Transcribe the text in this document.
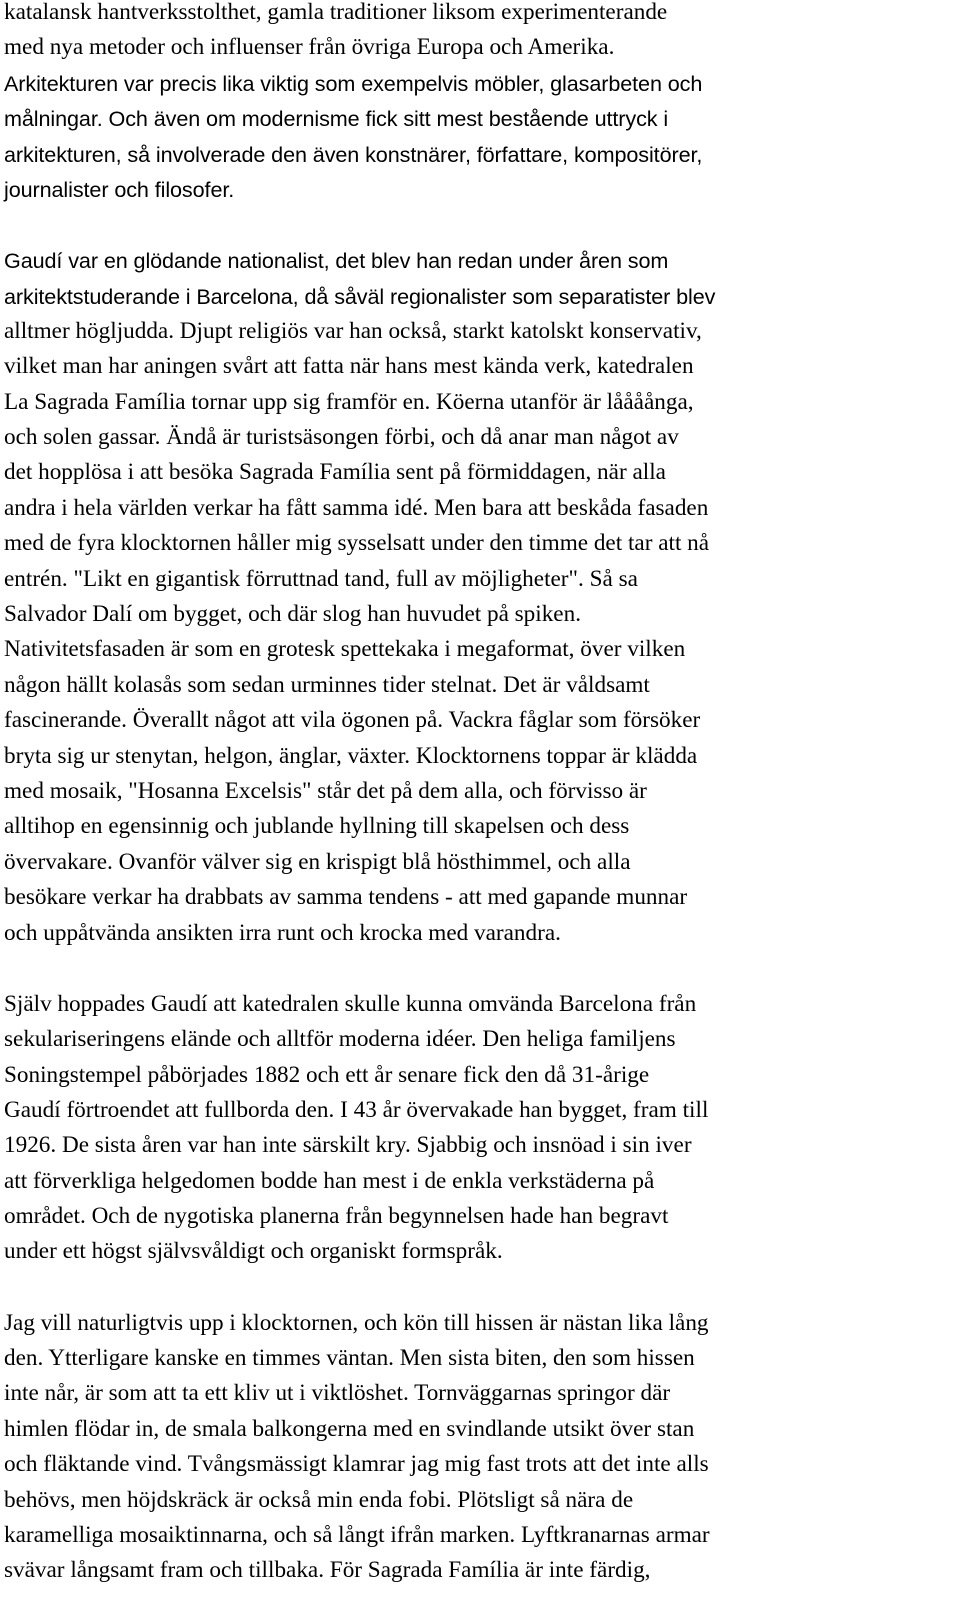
katalansk hantverksstolthet, gamla traditioner liksom experimenterande
med nya metoder och influenser från övriga Europa och Amerika.
Arkitekturen var precis lika viktig som exempelvis möbler, glasarbeten och
målningar. Och även om modernisme fick sitt mest bestående uttryck i
arkitekturen, så involverade den även konstnärer, författare, kompositörer,
journalister och filosofer.
Gaudí var en glödande nationalist, det blev han redan under åren som
arkitektstuderande i Barcelona, då såväl regionalister som separatister blev
alltmer högljudda. Djupt religiös var han också, starkt katolskt konservativ,
vilket man har aningen svårt att fatta när hans mest kända verk, katedralen
La Sagrada Família tornar upp sig framför en. Köerna utanför är låååånga,
och solen gassar. Ändå är turistsäsongen förbi, och då anar man något av
det hopplösa i att besöka Sagrada Família sent på förmiddagen, när alla
andra i hela världen verkar ha fått samma idé. Men bara att beskåda fasaden
med de fyra klocktornen håller mig sysselsatt under den timme det tar att nå
entrén. "Likt en gigantisk förruttnad tand, full av möjligheter". Så sa
Salvador Dalí om bygget, och där slog han huvudet på spiken.
Nativitetsfasaden är som en grotesk spettekaka i megaformat, över vilken
någon hällt kolasås som sedan urminnes tider stelnat. Det är våldsamt
fascinerande. Överallt något att vila ögonen på. Vackra fåglar som försöker
bryta sig ur stenytan, helgon, änglar, växter. Klocktornens toppar är klädda
med mosaik, "Hosanna Excelsis" står det på dem alla, och förvisso är
alltihop en egensinnig och jublande hyllning till skapelsen och dess
övervakare. Ovanför välver sig en krispigt blå hösthimmel, och alla
besökare verkar ha drabbats av samma tendens - att med gapande munnar
och uppåtvända ansikten irra runt och krocka med varandra.
Själv hoppades Gaudí att katedralen skulle kunna omvända Barcelona från
sekulariseringens elände och alltför moderna idéer. Den heliga familjens
Soningstempel påbörjades 1882 och ett år senare fick den då 31-årige
Gaudí förtroendet att fullborda den. I 43 år övervakade han bygget, fram till
1926. De sista åren var han inte särskilt kry. Sjabbig och insnöad i sin iver
att förverkliga helgedomen bodde han mest i de enkla verkstäderna på
området. Och de nygotiska planerna från begynnelsen hade han begravt
under ett högst självsvåldigt och organiskt formspråk.
Jag vill naturligtvis upp i klocktornen, och kön till hissen är nästan lika lång
den. Ytterligare kanske en timmes väntan. Men sista biten, den som hissen
inte når, är som att ta ett kliv ut i viktlöshet. Tornväggarnas springor där
himlen flödar in, de smala balkongerna med en svindlande utsikt över stan
och fläktande vind. Tvångsmässigt klamrar jag mig fast trots att det inte alls
behövs, men höjdskräck är också min enda fobi. Plötsligt så nära de
karamelliga mosaiktinnarna, och så långt ifrån marken. Lyftkranarnas armar
svävar långsamt fram och tillbaka. För Sagrada Família är inte färdig,
